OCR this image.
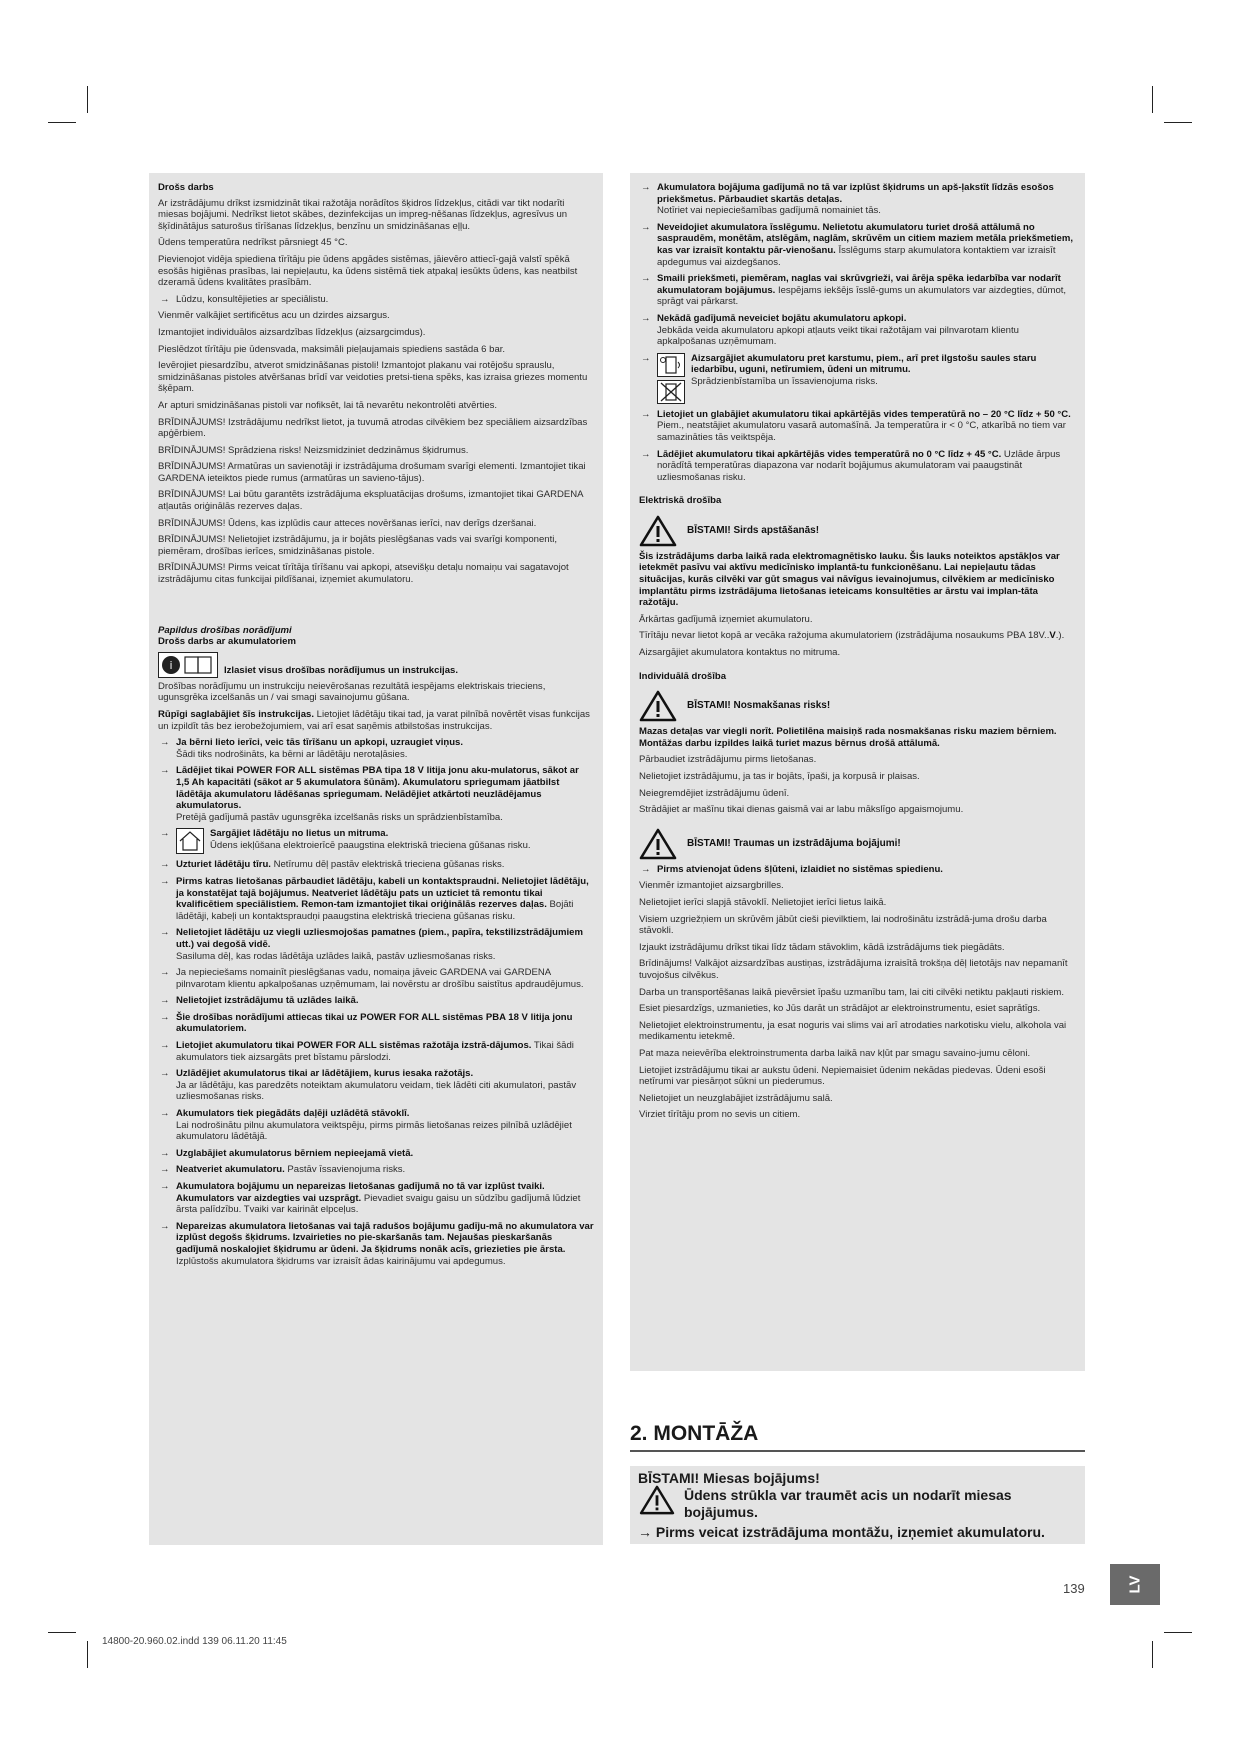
Drošs darbs

Ar izstrādājumu drīkst izsmidzināt tikai ražotāja norādītos šķidros līdzekļus, citādi var tikt nodarīti miesas bojājumi. Nedrīkst lietot skābes, dezinfekcijas un impreg-nēšanas līdzekļus, agresīvus un šķīdinātājus saturošus tīrīšanas līdzekļus, benzīnu un smidzināšanas eļļu.

Ūdens temperatūra nedrīkst pārsniegt 45 °C.

Pievienojot vidēja spiediena tīrītāju pie ūdens apgādes sistēmas, jāievēro attiecī-gajā valstī spēkā esošās higiēnas prasības, lai nepieļautu, ka ūdens sistēmā tiek atpakaļ iesūkts ūdens, kas neatbilst dzeramā ūdens kvalitātes prasībām.

→ Lūdzu, konsultējieties ar speciālistu.

Vienmēr valkājiet sertificētus acu un dzirdes aizsargus.

Izmantojiet individuālos aizsardzības līdzekļus (aizsargcimdus).

Pieslēdzot tīrītāju pie ūdensvada, maksimāli pieļaujamais spiediens sastāda 6 bar.

Ievērojiet piesardzību, atverot smidzināšanas pistoli! Izmantojot plakanu vai rotējošu sprauslu, smidzināšanas pistoles atvēršanas brīdī var veidoties pretsi-tiena spēks, kas izraisa griezes momentu šķēpam.

Ar apturi smidzināšanas pistoli var nofiksēt, lai tā nevarētu nekontrolēti atvērties.

BRĪDINĀJUMS! Izstrādājumu nedrīkst lietot, ja tuvumā atrodas cilvēkiem bez speciāliem aizsardzības apģērbiem.

BRĪDINĀJUMS! Sprādziena risks! Neizsmidziniet dedzināmus šķidrumus.

BRĪDINĀJUMS! Armatūras un savienotāji ir izstrādājuma drošumam svarīgi elementi. Izmantojiet tikai GARDENA ieteiktos piede rumus (armatūras un savieno-tājus).

BRĪDINĀJUMS! Lai būtu garantēts izstrādājuma ekspluatācijas drošums, izmantojiet tikai GARDENA atļautās oriģinālās rezerves daļas.

BRĪDINĀJUMS! Ūdens, kas izplūdis caur atteces novēršanas ierīci, nav derīgs dzeršanai.

BRĪDINĀJUMS! Nelietojiet izstrādājumu, ja ir bojāts pieslēgšanas vads vai svarīgi komponenti, piemēram, drošības ierīces, smidzināšanas pistole.

BRĪDINĀJUMS! Pirms veicat tīrītāja tīrīšanu vai apkopi, atsevišķu detaļu nomaiņu vai sagatavojot izstrādājumu citas funkcijai pildīšanai, izņemiet akumulatoru.

Papildus drošības norādījumi
Drošs darbs ar akumulatoriem
i	Izlasiet visus drošības norādījumus un instrukcijas.

Drošības norādījumu un instrukciju neievērošanas rezultātā iespējams elektriskais trieciens, ugunsgrēka izcelšanās un / vai smagi savainojumu gūšana.

Rūpīgi saglabājiet šīs instrukcijas. Lietojiet lādētāju tikai tad, ja varat pilnībā novērtēt visas funkcijas un izpildīt tās bez ierobežojumiem, vai arī esat saņēmis atbilstošas instrukcijas.

→ Ja bērni lieto ierīci, veic tās tīrīšanu un apkopi, uzraugiet viņus.
Šādi tiks nodrošināts, ka bērni ar lādētāju nerotaļāsies.
→ Lādējiet tikai POWER FOR ALL sistēmas PBA tipa 18 V litija jonu aku-mulatorus, sākot ar 1,5 Ah kapacitāti (sākot ar 5 akumulatora šūnām). Akumulatoru spriegumam jāatbilst lādētāja akumulatoru lādēšanas spriegumam. Nelādējiet atkārtoti neuzlādējamus akumulatorus.
Pretējā gadījumā pastāv ugunsgrēka izcelšanās risks un sprādzienbīstamība.
→ Sargājiet lādētāju no lietus un mitruma.
Ūdens iekļūšana elektroierīcē paaugstina elektriskā trieciena gūšanas risku.
→ Uzturiet lādētāju tīru. Netīrumu dēļ pastāv elektriskā trieciena gūšanas risks.
→ Pirms katras lietošanas pārbaudiet lādētāju, kabeli un kontaktspraudni. Nelietojiet lādētāju, ja konstatējat tajā bojājumus. Neatveriet lādētāju pats un uzticiet tā remontu tikai kvalificētiem speciālistiem. Remon-tam izmantojiet tikai oriģinālās rezerves daļas. Bojāti lādētāji, kabeļi un kontaktspraudņi paaugstina elektriskā trieciena gūšanas risku.
→ Nelietojiet lādētāju uz viegli uzliesmojošas pamatnes (piem., papīra, tekstilizstrādājumiem utt.) vai degošā vidē.
Sasiluma dēļ, kas rodas lādētāja uzlādes laikā, pastāv uzliesmošanas risks.
→ Ja nepieciešams nomainīt pieslēgšanas vadu, nomaiņa jāveic GARDENA vai GARDENA pilnvarotam klientu apkalpošanas uzņēmumam, lai novērstu ar drošību saistītus apdraudējumus.
→ Nelietojiet izstrādājumu tā uzlādes laikā.
→ Šie drošības norādījumi attiecas tikai uz POWER FOR ALL sistēmas PBA 18 V litija jonu akumulatoriem.
→ Lietojiet akumulatoru tikai POWER FOR ALL sistēmas ražotāja izstrā-dājumos. Tikai šādi akumulators tiek aizsargāts pret bīstamu pārslodzi.
→ Uzlādējiet akumulatorus tikai ar lādētājiem, kurus iesaka ražotājs.
Ja ar lādētāju, kas paredzēts noteiktam akumulatoru veidam, tiek lādēti citi akumulatori, pastāv uzliesmošanas risks.
→ Akumulators tiek piegādāts daļēji uzlādētā stāvoklī.
Lai nodrošinātu pilnu akumulatora veiktspēju, pirms pirmās lietošanas reizes pilnībā uzlādējiet akumulatoru lādētājā.
→ Uzglabājiet akumulatorus bērniem nepieejamā vietā.
→ Neatveriet akumulatoru. Pastāv īssavienojuma risks.
→ Akumulatora bojājumu un nepareizas lietošanas gadījumā no tā var izplūst tvaiki. Akumulators var aizdegties vai uzsprāgt. Pievadiet svaigu gaisu un sūdzību gadījumā lūdziet ārsta palīdzību. Tvaiki var kairināt elpceļus.
→ Nepareizas akumulatora lietošanas vai tajā radušos bojājumu gadīju-mā no akumulatora var izplūst degošs šķidrums. Izvairieties no pie-skaršanās tam. Nejaušas pieskaršanās gadījumā noskalojiet šķidrumu ar ūdeni. Ja šķidrums nonāk acīs, griezieties pie ārsta.
Izplūstošs akumulatora šķidrums var izraisīt ādas kairinājumu vai apdegumus.
→ Akumulatora bojājuma gadījumā no tā var izplūst šķidrums un apš-ļakstīt līdzās esošos priekšmetus. Pārbaudiet skartās detaļas.
Notīriet vai nepieciešamības gadījumā nomainiet tās.
→ Neveidojiet akumulatora īsslēgumu. Nelietotu akumulatoru turiet drošā attālumā no saspraudēm, monētām, atslēgām, naglām, skrūvēm un citiem maziem metāla priekšmetiem, kas var izraisīt kontaktu pār-vienošanu. Īsslēgums starp akumulatora kontaktiem var izraisīt apdegumus vai aizdegšanos.
→ Smaili priekšmeti, piemēram, naglas vai skrūvgrieži, vai ārēja spēka iedarbība var nodarīt akumulatoram bojājumus. Iespējams iekšējs īsslē-gums un akumulators var aizdegties, dūmot, sprāgt vai pārkarst.
→ Nekādā gadījumā neveiciet bojātu akumulatoru apkopi.
Jebkāda veida akumulatoru apkopi atļauts veikt tikai ražotājam vai pilnvarotam klientu apkalpošanas uzņēmumam.
→ Aizsargājiet akumulatoru pret karstumu, piem., arī pret ilgstošu saules staru iedarbību, uguni, netīrumiem, ūdeni un mitrumu.
Sprādzienbīstamība un īssavienojuma risks.
→ Lietojiet un glabājiet akumulatoru tikai apkārtējās vides temperatūrā no – 20 °C līdz + 50 °C.
Piem., neatstājiet akumulatoru vasarā automašīnā. Ja temperatūra ir < 0 °C, atkarībā no tiem var samazināties tās veiktspēja.
→ Lādējiet akumulatoru tikai apkārtējās vides temperatūrā no 0 °C līdz + 45 °C. Uzlāde ārpus norādītā temperatūras diapazona var nodarīt bojājumus akumulatoram vai paaugstināt uzliesmošanas risku.
Elektriskā drošība
BĪSTAMI! Sirds apstāšanās!

Šis izstrādājums darba laikā rada elektromagnētisko lauku. Šis lauks noteiktos apstākļos var ietekmēt pasīvu vai aktīvu medicīnisko implantā-tu funkcionēšanu. Lai nepieļautu tādas situācijas, kurās cilvēki var gūt smagus vai nāvīgus ievainojumus, cilvēkiem ar medicīnisko implantātu pirms izstrādājuma lietošanas ieteicams konsultēties ar ārstu vai implan-tāta ražotāju.

Ārkārtas gadījumā izņemiet akumulatoru.

Tīrītāju nevar lietot kopā ar vecāka ražojuma akumulatoriem (izstrādājuma nosaukums PBA 18V..V.).

Aizsargājiet akumulatora kontaktus no mitruma.

Individuālā drošība
BĪSTAMI! Nosmakšanas risks!

Mazas detaļas var viegli norīt. Polietilēna maisiņš rada nosmakšanas risku maziem bērniem. Montāžas darbu izpildes laikā turiet mazus bērnus drošā attālumā.

Pārbaudiet izstrādājumu pirms lietošanas.

Nelietojiet izstrādājumu, ja tas ir bojāts, īpaši, ja korpusā ir plaisas.

Neiegremdējiet izstrādājumu ūdenī.

Strādājiet ar mašīnu tikai dienas gaismā vai ar labu mākslīgo apgaismojumu.

BĪSTAMI! Traumas un izstrādājuma bojājumi!
→ Pirms atvienojat ūdens šļūteni, izlaidiet no sistēmas spiedienu.

Vienmēr izmantojiet aizsargbrilles.

Nelietojiet ierīci slapjā stāvoklī. Nelietojiet ierīci lietus laikā.

Visiem uzgriežņiem un skrūvēm jābūt cieši pievilktiem, lai nodrošinātu izstrādā-juma drošu darba stāvokli.

Izjaukt izstrādājumu drīkst tikai līdz tādam stāvoklim, kādā izstrādājums tiek piegādāts.

Brīdinājums! Valkājot aizsardzības austiņas, izstrādājuma izraisītā trokšņa dēļ lietotājs nav nepamanīt tuvojošus cilvēkus.

Darba un transportēšanas laikā pievērsiet īpašu uzmanību tam, lai citi cilvēki netiktu pakļauti riskiem.

Esiet piesardzīgs, uzmanieties, ko Jūs darāt un strādājot ar elektroinstrumentu, esiet saprātīgs.

Nelietojiet elektroinstrumentu, ja esat noguris vai slims vai arī atrodaties narkotisku vielu, alkohola vai medikamentu ietekmē.

Pat maza neievērība elektroinstrumenta darba laikā nav kļūt par smagu savaino-jumu cēloni.

Lietojiet izstrādājumu tikai ar aukstu ūdeni. Nepiemaisiet ūdenim nekādas piedevas. Ūdeni esoši netīrumi var piesārņot sūkni un piederumus.

Nelietojiet un neuzglabājiet izstrādājumu salā.

Virziet tīrītāju prom no sevis un citiem.

2. MONTĀŽA
BĪSTAMI! Miesas bojājums!
Ūdens strūkla var traumēt acis un nodarīt miesas bojājumus.
→ Pirms veicat izstrādājuma montāžu, izņemiet akumulatoru.
139	LV
14800-20.960.02.indd 139 06.11.20 11:45
